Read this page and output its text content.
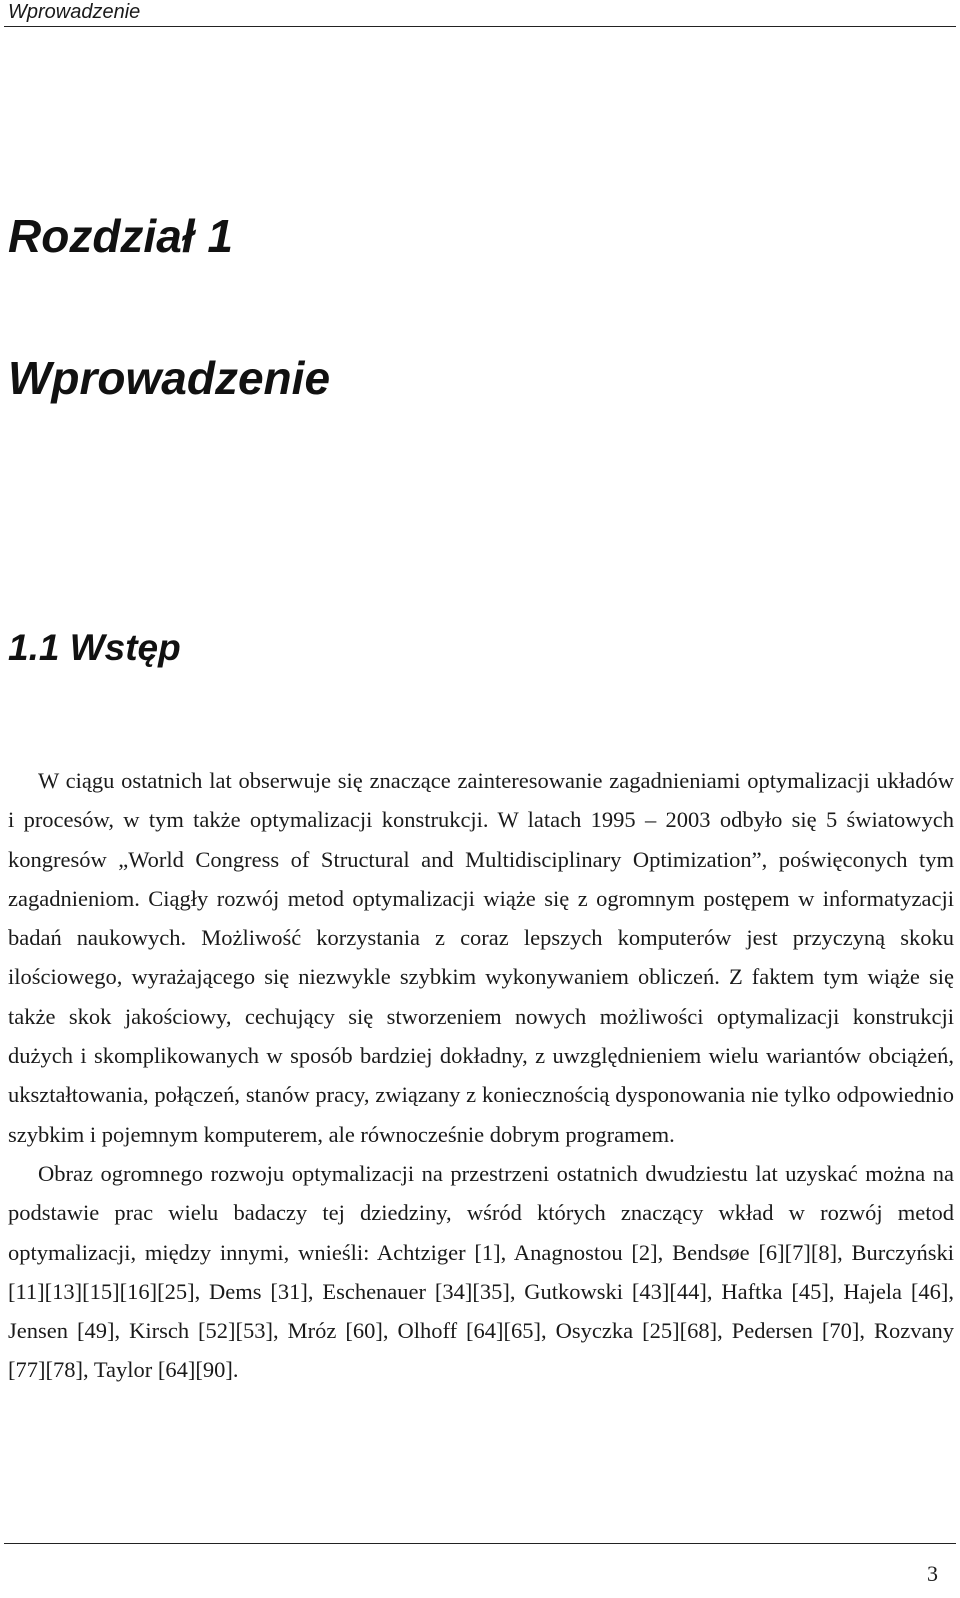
Wprowadzenie
Rozdział 1
Wprowadzenie
1.1 Wstęp

W ciągu ostatnich lat obserwuje się znaczące zainteresowanie zagadnieniami optymalizacji układów i procesów, w tym także optymalizacji konstrukcji. W latach 1995 – 2003 odbyło się 5 światowych kongresów „World Congress of Structural and Multidisciplinary Optimization”, poświęconych tym zagadnieniom. Ciągły rozwój metod optymalizacji wiąże się z ogromnym postępem w informatyzacji badań naukowych. Możliwość korzystania z coraz lepszych komputerów jest przyczyną skoku ilościowego, wyrażającego się niezwykle szybkim wykonywaniem obliczeń. Z faktem tym wiąże się także skok jakościowy, cechujący się stworzeniem nowych możliwości optymalizacji konstrukcji dużych i skomplikowanych w sposób bardziej dokładny, z uwzględnieniem wielu wariantów obciążeń, ukształtowania, połączeń, stanów pracy, związany z koniecznością dysponowania nie tylko odpowiednio szybkim i pojemnym komputerem, ale równocześnie dobrym programem.

Obraz ogromnego rozwoju optymalizacji na przestrzeni ostatnich dwudziestu lat uzyskać można na podstawie prac wielu badaczy tej dziedziny, wśród których znaczący wkład w rozwój metod optymalizacji, między innymi, wnieśli: Achtziger [1], Anagnostou [2], Bendsøe [6][7][8], Burczyński [11][13][15][16][25], Dems [31], Eschenauer [34][35], Gutkowski [43][44], Haftka [45], Hajela [46], Jensen [49], Kirsch [52][53], Mróz [60], Olhoff [64][65], Osyczka [25][68], Pedersen [70], Rozvany [77][78], Taylor [64][90].

3
